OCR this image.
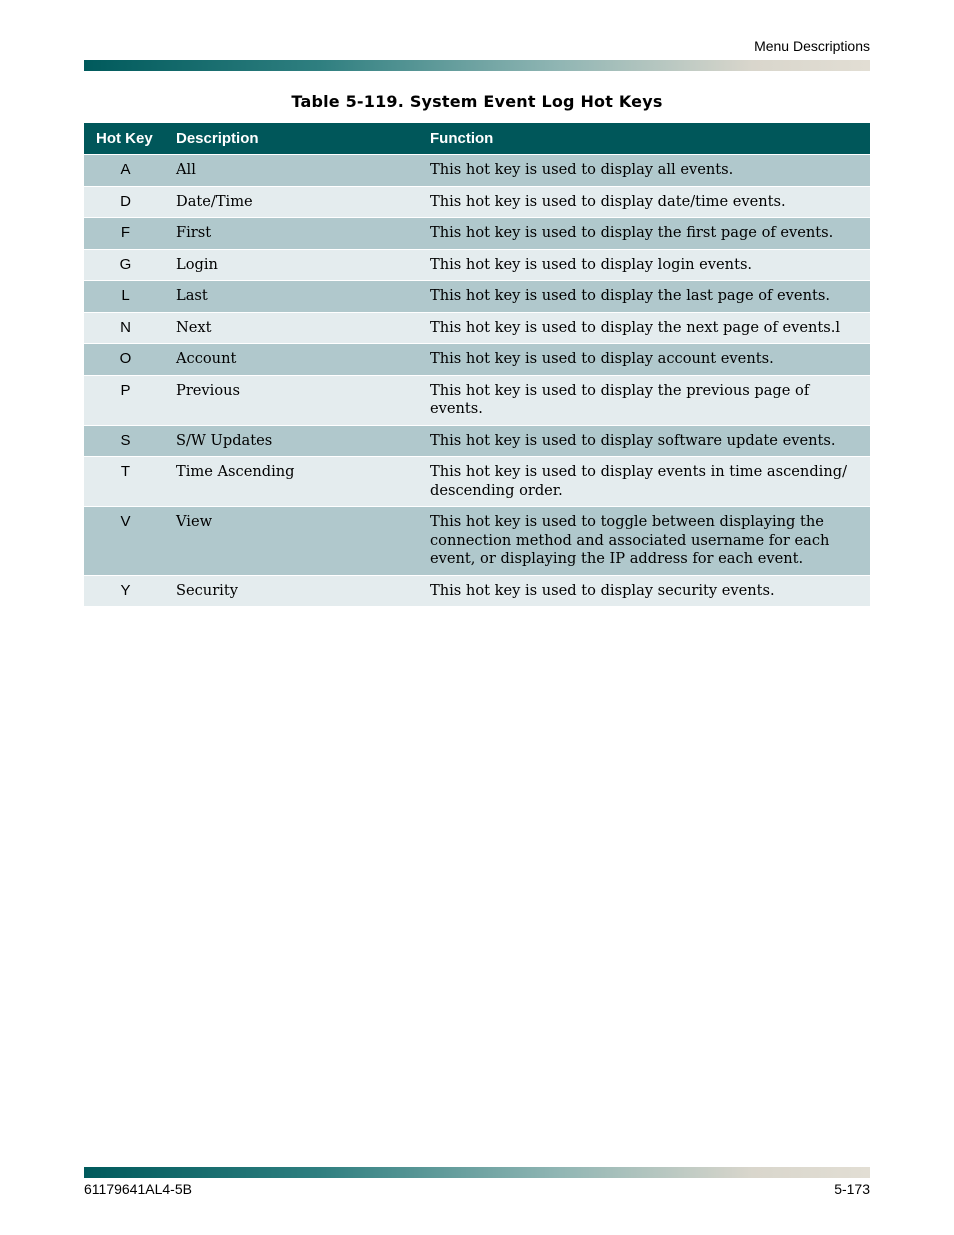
Menu Descriptions
Table 5-119. System Event Log Hot Keys
Hot Key	Description	Function
A	All	This hot key is used to display all events.
D	Date/Time	This hot key is used to display date/time events.
F	First	This hot key is used to display the first page of events.
G	Login	This hot key is used to display login events.
L	Last	This hot key is used to display the last page of events.
N	Next	This hot key is used to display the next page of events.l
O	Account	This hot key is used to display account events.
P	Previous	This hot key is used to display the previous page of events.
S	S/W Updates	This hot key is used to display software update events.
T	Time Ascending	This hot key is used to display events in time ascending/ descending order.
V	View	This hot key is used to toggle between displaying the connection method and associated username for each event, or displaying the IP address for each event.
Y	Security	This hot key is used to display security events.
61179641AL4-5B	5-173
